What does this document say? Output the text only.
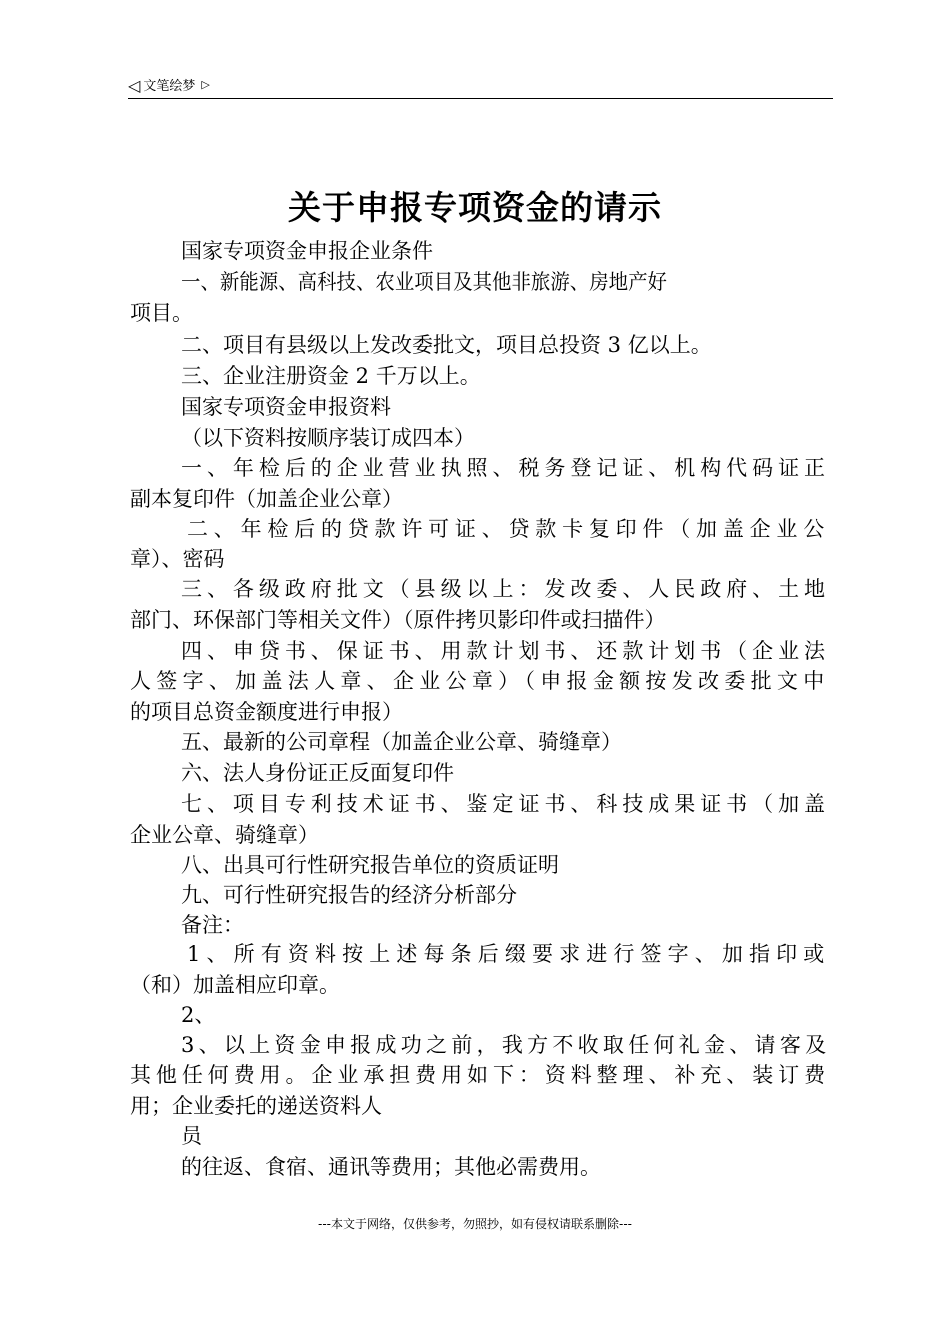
◁ 文笔绘梦 ▷
关于申报专项资金的请示
国家专项资金申报企业条件
一、新能源、高科技、农业项目及其他非旅游、房地产好
项目。
二、项目有县级以上发改委批文，项目总投资 3 亿以上。
三、企业注册资金 2 千万以上。
国家专项资金申报资料
（以下资料按顺序装订成四本）
一、年检后的企业营业执照、税务登记证、机构代码证正
副本复印件（加盖企业公章）
二、年检后的贷款许可证、贷款卡复印件（加盖企业公
章）、密码
三、各级政府批文（县级以上：发改委、人民政府、土地
部门、环保部门等相关文件）（原件拷贝影印件或扫描件）
四、申贷书、保证书、用款计划书、还款计划书（企业法
人签字、加盖法人章、企业公章）（申报金额按发改委批文中
的项目总资金额度进行申报）
五、最新的公司章程（加盖企业公章、骑缝章）
六、法人身份证正反面复印件
七、项目专利技术证书、鉴定证书、科技成果证书（加盖
企业公章、骑缝章）
八、出具可行性研究报告单位的资质证明
九、可行性研究报告的经济分析部分
备注：
1、所有资料按上述每条后缀要求进行签字、加指印或
（和）加盖相应印章。
2、
3、以上资金申报成功之前，我方不收取任何礼金、请客及
其他任何费用。企业承担费用如下：资料整理、补充、装订费
用；企业委托的递送资料人
员
的往返、食宿、通讯等费用；其他必需费用。
---本文于网络，仅供参考，勿照抄，如有侵权请联系删除---
